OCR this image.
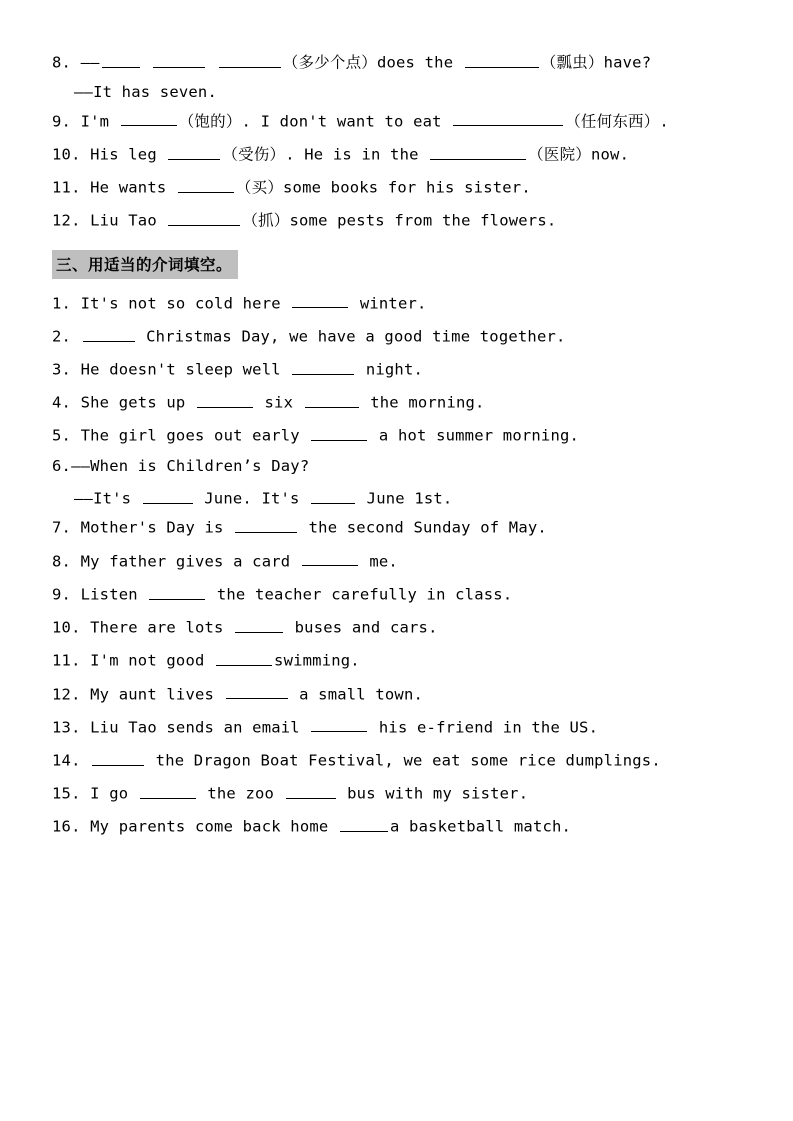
8. ——	（多少个点）does the	（瓢虫）have?
——It has seven.
9. I'm	（饱的）. I don't want to eat	（任何东西）.
10. His leg	（受伤）. He is in the	（医院）now.
11. He wants	（买）some books for his sister.
12. Liu Tao	（抓）some pests from the flowers.
三、用适当的介词填空。
1. It's not so cold here	winter.
2.	Christmas Day, we have a good time together.
3. He doesn't sleep well	night.
4. She gets up	six	the morning.
5. The girl goes out early	a hot summer morning.
6.——When is Children’s Day?
——It's	June. It's	June 1st.
7. Mother's Day is	the second Sunday of May.
8. My father gives a card	me.
9. Listen	the teacher carefully in class.
10. There are lots	buses and cars.
11. I'm not good	swimming.
12. My aunt lives	a small town.
13. Liu Tao sends an email	his e-friend in the US.
14.	the Dragon Boat Festival, we eat some rice dumplings.
15. I go	the zoo	bus with my sister.
16. My parents come back home	a basketball match.
